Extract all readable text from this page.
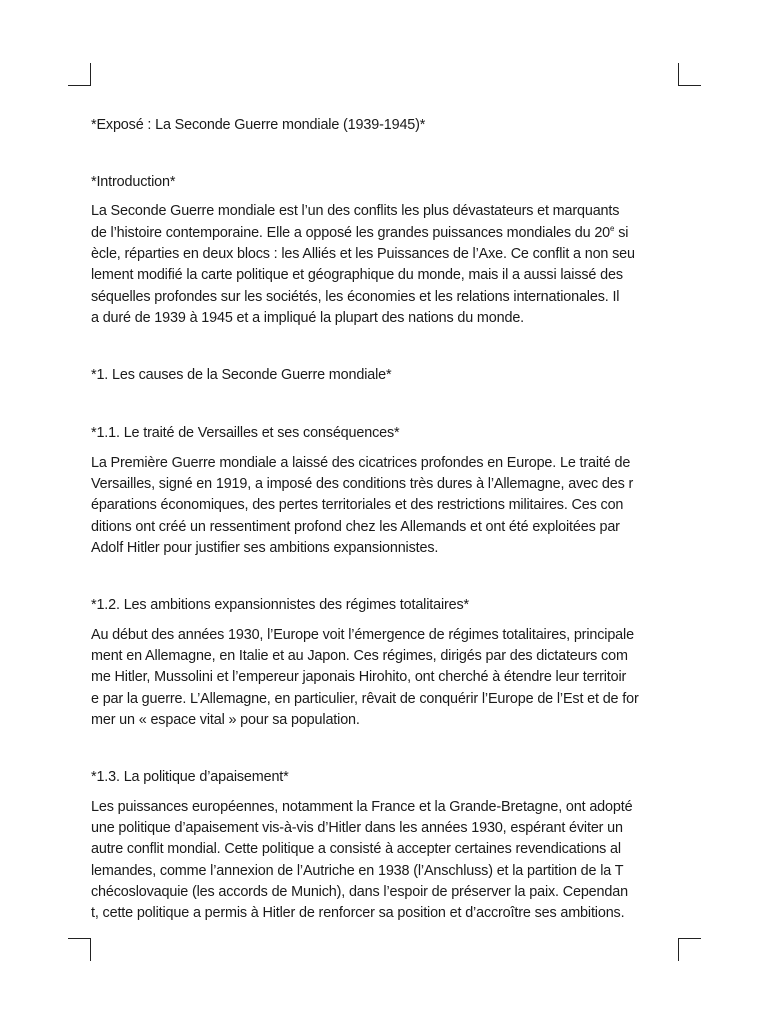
*Exposé : La Seconde Guerre mondiale (1939-1945)*
*Introduction*
La Seconde Guerre mondiale est l’un des conflits les plus dévastateurs et marquants
de l’histoire contemporaine. Elle a opposé les grandes puissances mondiales du 20e si
ècle, réparties en deux blocs : les Alliés et les Puissances de l’Axe. Ce conflit a non seu
lement modifié la carte politique et géographique du monde, mais il a aussi laissé des
séquelles profondes sur les sociétés, les économies et les relations internationales. Il
a duré de 1939 à 1945 et a impliqué la plupart des nations du monde.
*1. Les causes de la Seconde Guerre mondiale*
*1.1. Le traité de Versailles et ses conséquences*
La Première Guerre mondiale a laissé des cicatrices profondes en Europe. Le traité de
Versailles, signé en 1919, a imposé des conditions très dures à l’Allemagne, avec des r
éparations économiques, des pertes territoriales et des restrictions militaires. Ces con
ditions ont créé un ressentiment profond chez les Allemands et ont été exploitées par
Adolf Hitler pour justifier ses ambitions expansionnistes.
*1.2. Les ambitions expansionnistes des régimes totalitaires*
Au début des années 1930, l’Europe voit l’émergence de régimes totalitaires, principale
ment en Allemagne, en Italie et au Japon. Ces régimes, dirigés par des dictateurs com
me Hitler, Mussolini et l’empereur japonais Hirohito, ont cherché à étendre leur territoir
e par la guerre. L’Allemagne, en particulier, rêvait de conquérir l’Europe de l’Est et de for
mer un « espace vital » pour sa population.
*1.3. La politique d’apaisement*
Les puissances européennes, notamment la France et la Grande-Bretagne, ont adopté
une politique d’apaisement vis-à-vis d’Hitler dans les années 1930, espérant éviter un
autre conflit mondial. Cette politique a consisté à accepter certaines revendications al
lemandes, comme l’annexion de l’Autriche en 1938 (l’Anschluss) et la partition de la T
chécoslovaquie (les accords de Munich), dans l’espoir de préserver la paix. Cependan
t, cette politique a permis à Hitler de renforcer sa position et d’accroître ses ambitions.
